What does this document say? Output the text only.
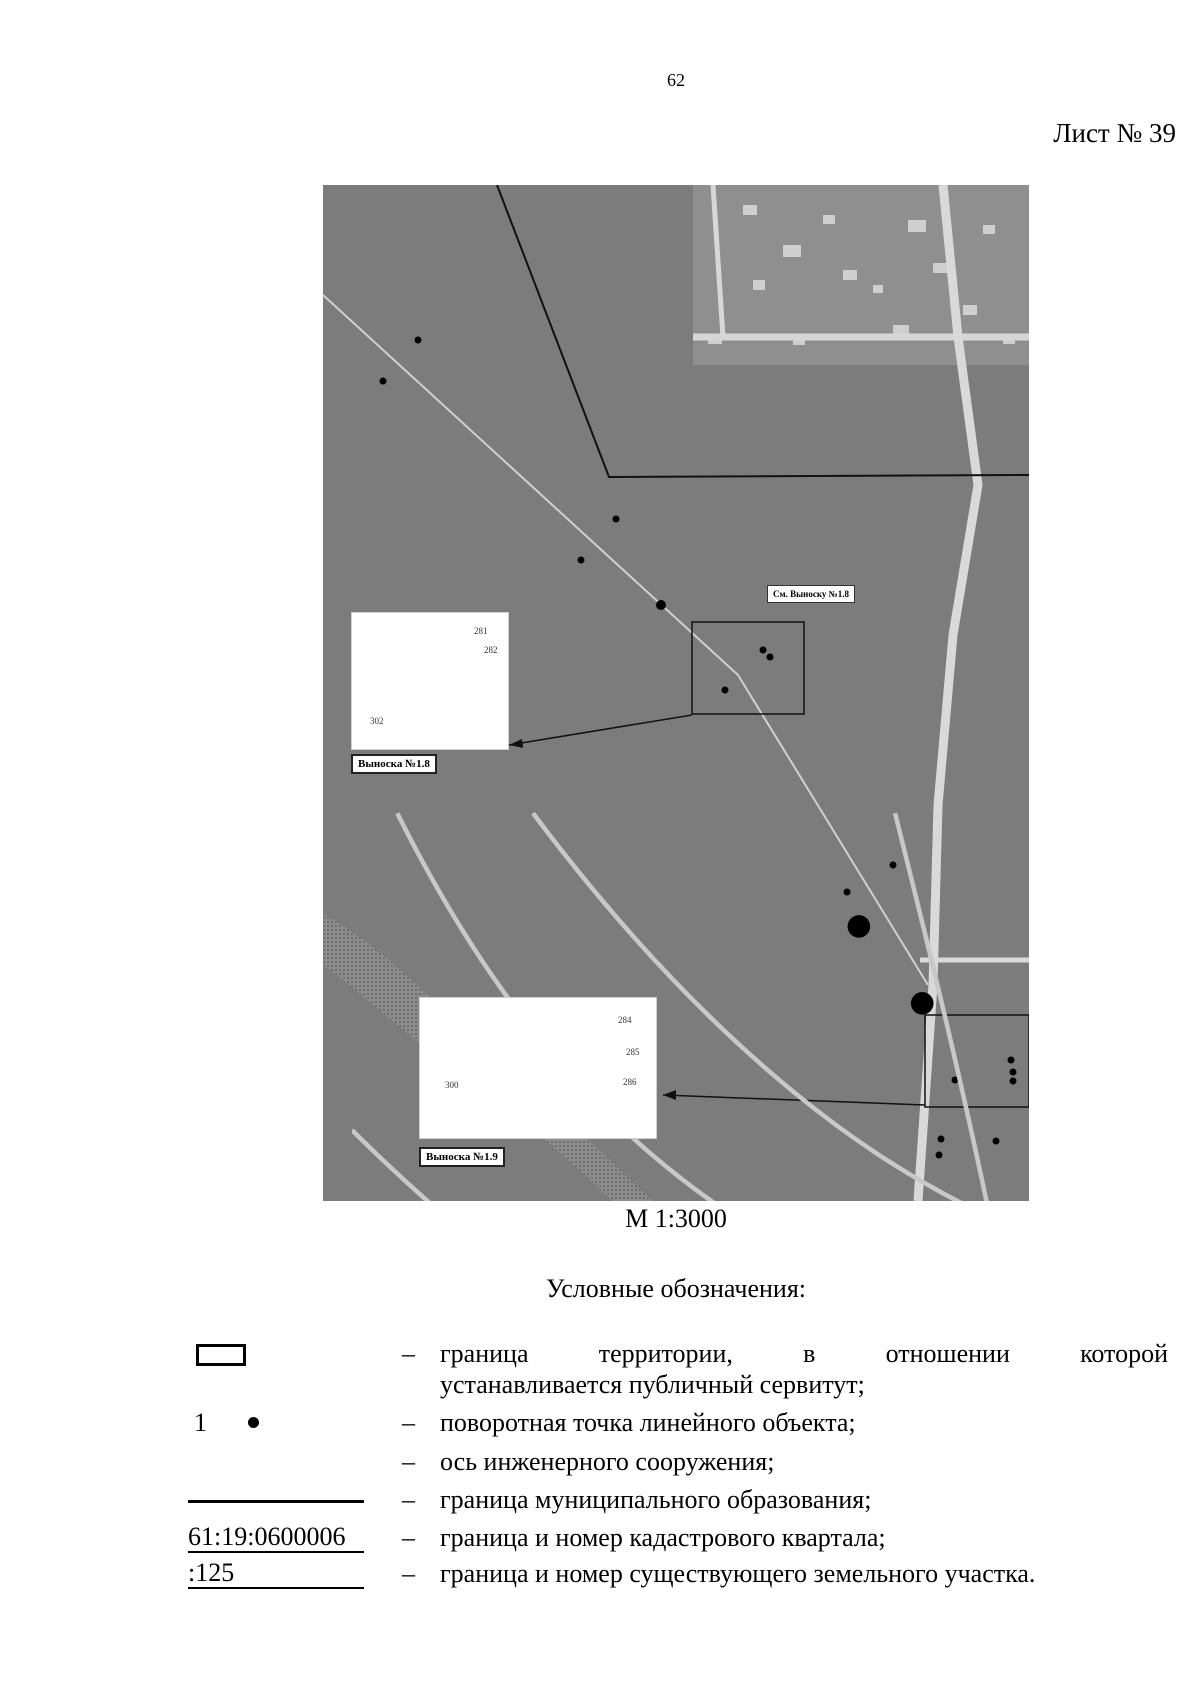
62
Лист № 39
281
282
302
Выноска №1.8
См. Выноску №1.8
284
285
286
300
Выноска №1.9
М 1:3000
Условные обозначения:
– граница территории, в отношении которой
устанавливается публичный сервитут;
1	– поворотная точка линейного объекта;
– ось инженерного сооружения;
– граница муниципального образования;
61:19:0600006	– граница и номер кадастрового квартала;
:125	– граница и номер существующего земельного участка.
